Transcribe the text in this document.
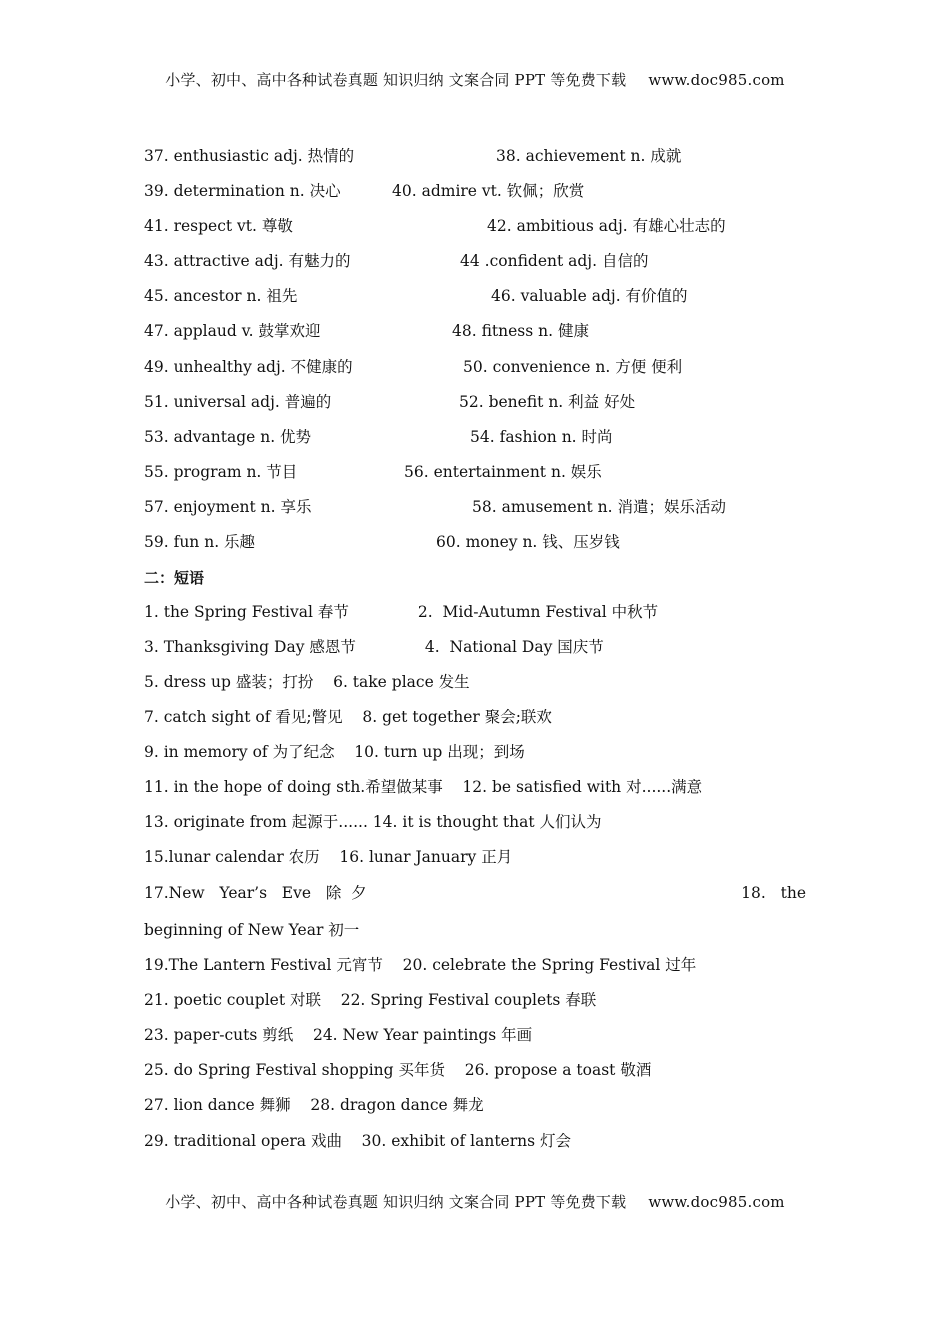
小学、初中、高中各种试卷真题 知识归纳 文案合同 PPT 等免费下载 www.doc985.com
37. enthusiastic adj. 热情的	38. achievement n. 成就
39. determination n. 决心	40. admire vt. 钦佩；欣赏
41. respect vt. 尊敬	42. ambitious adj. 有雄心壮志的
43. attractive adj. 有魅力的	44 .confident adj. 自信的
45. ancestor n. 祖先	46. valuable adj. 有价值的
47. applaud v. 鼓掌欢迎	48. fitness n. 健康
49. unhealthy adj. 不健康的	50. convenience n. 方便 便利
51. universal adj. 普遍的	52. benefit n. 利益 好处
53. advantage n. 优势	54. fashion n. 时尚
55. program n. 节目	56. entertainment n. 娱乐
57. enjoyment n. 享乐	58. amusement n. 消遣；娱乐活动
59. fun n. 乐趣	60. money n. 钱、压岁钱
二：短语
1. the Spring Festival 春节              2.  Mid-Autumn Festival 中秋节
3. Thanksgiving Day 感恩节              4.  National Day 国庆节
5. dress up 盛装；打扮    6. take place 发生
7. catch sight of 看见;瞥见    8. get together 聚会;联欢
9. in memory of 为了纪念    10. turn up 出现；到场
11. in the hope of doing sth.希望做某事    12. be satisfied with 对......满意
13. originate from 起源于...... 14. it is thought that 人们认为
15.lunar calendar 农历    16. lunar January 正月
17.New   Year’s   Eve   除  夕	18.   the
beginning of New Year 初一
19.The Lantern Festival 元宵节    20. celebrate the Spring Festival 过年
21. poetic couplet 对联    22. Spring Festival couplets 春联
23. paper-cuts 剪纸    24. New Year paintings 年画
25. do Spring Festival shopping 买年货    26. propose a toast 敬酒
27. lion dance 舞狮    28. dragon dance 舞龙
29. traditional opera 戏曲    30. exhibit of lanterns 灯会
小学、初中、高中各种试卷真题 知识归纳 文案合同 PPT 等免费下载 www.doc985.com
